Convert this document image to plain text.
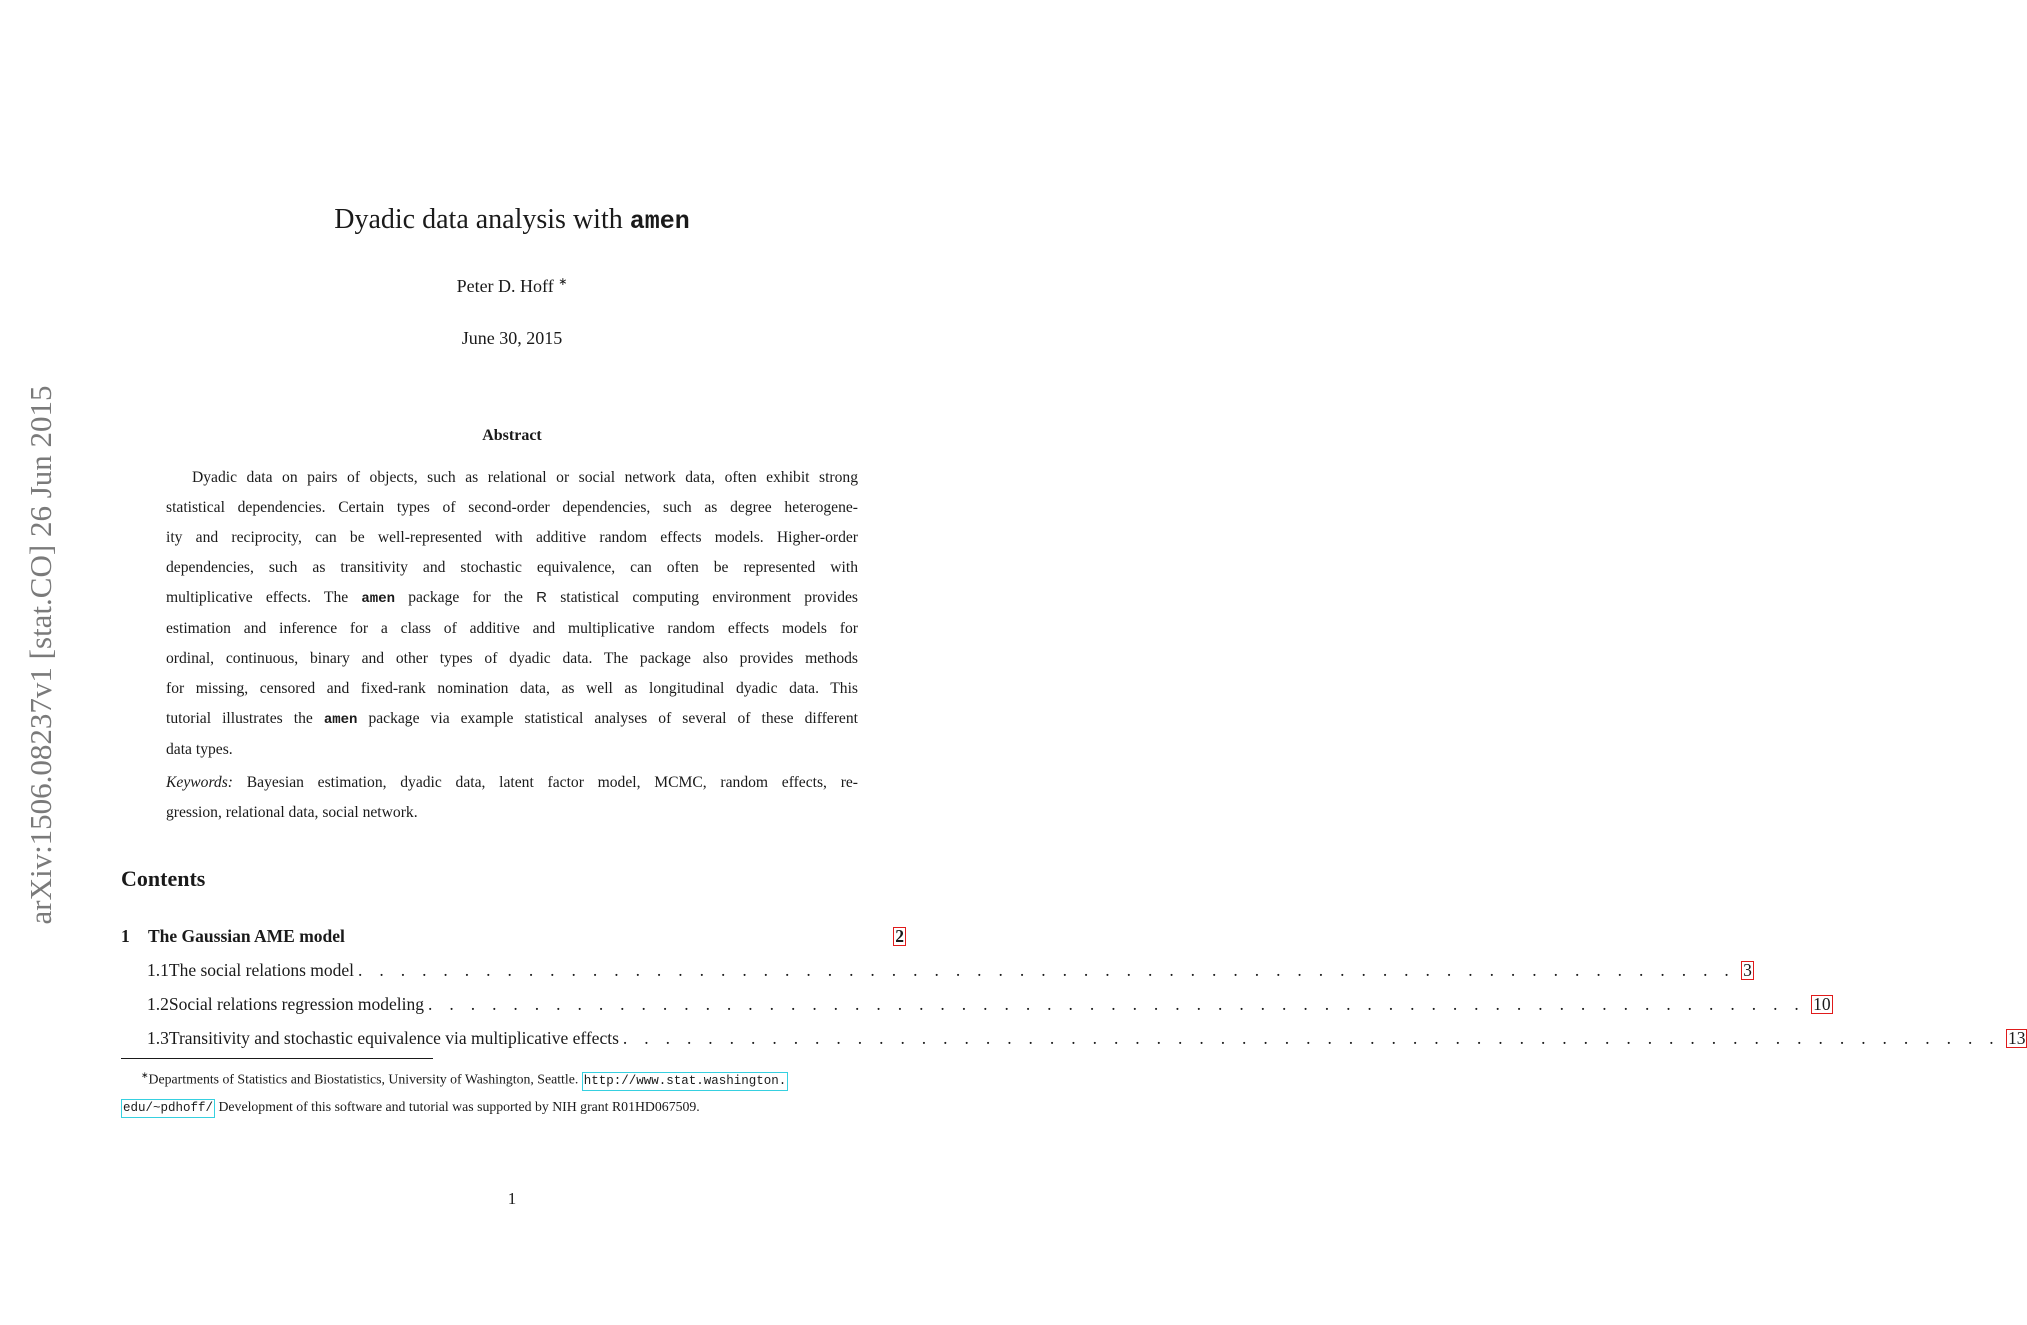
arXiv:1506.08237v1 [stat.CO] 26 Jun 2015
Dyadic data analysis with amen
Peter D. Hoff ∗
June 30, 2015
Abstract
Dyadic data on pairs of objects, such as relational or social network data, often exhibit strong
statistical dependencies. Certain types of second-order dependencies, such as degree heterogene-
ity and reciprocity, can be well-represented with additive random effects models. Higher-order
dependencies, such as transitivity and stochastic equivalence, can often be represented with
multiplicative effects. The amen package for the R statistical computing environment provides
estimation and inference for a class of additive and multiplicative random effects models for
ordinal, continuous, binary and other types of dyadic data. The package also provides methods
for missing, censored and fixed-rank nomination data, as well as longitudinal dyadic data. This
tutorial illustrates the amen package via example statistical analyses of several of these different
data types.
Keywords: Bayesian estimation, dyadic data, latent factor model, MCMC, random effects, re-
gression, relational data, social network.
Contents
1	The Gaussian AME model	2
1.1 The social relations model . . . . . . . . . . . . . . . . . . . . . . . . . . . . . . . . . . . . . . . . . . . . . . . . . . . . . . . . . . . . . . . . . 3
1.2 Social relations regression modeling . . . . . . . . . . . . . . . . . . . . . . . . . . . . . . . . . . . . . . . . . . . . . . . . . . . . . . . . . . . . . . . . . 10
1.3 Transitivity and stochastic equivalence via multiplicative effects . . . . . . . . . . . . . . . . . . . . . . . . . . . . . . . . . . . . . . . . . . . . . . . . . . . . . . . . . . . . . . . . . 13
∗Departments of Statistics and Biostatistics, University of Washington, Seattle. http://www.stat.washington.
edu/~pdhoff/ Development of this software and tutorial was supported by NIH grant R01HD067509.
1
